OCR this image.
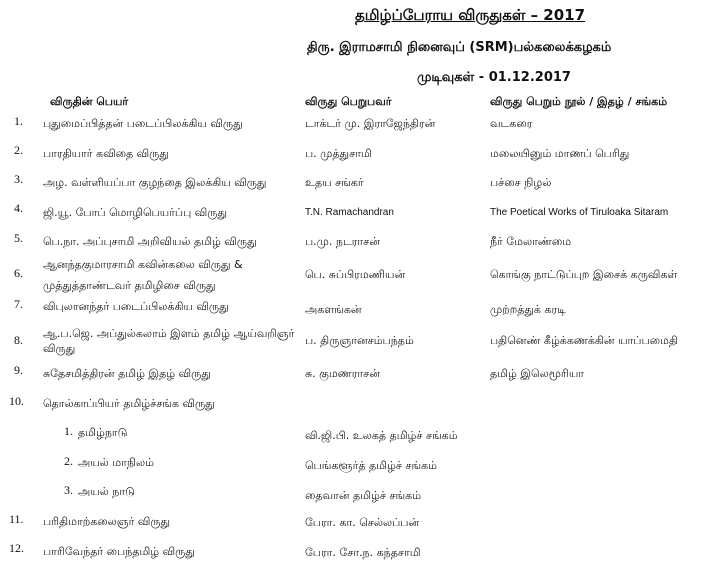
தமிழ்ப்பேராய விருதுகள் – 2017
திரு. இராமசாமி நினைவுப் (SRM)பல்கலைக்கழகம்
முடிவுகள் - 01.12.2017
விருதின் பெயர்	விருது பெறுபவர்	விருது பெறும் நூல் / இதழ் / சங்கம்
1. புதுமைப்பித்தன் படைப்பிலக்கிய விருது	டாக்டர் மு. இராஜேந்திரன்	வடகரை
2. பாரதியார் கவிதை விருது	ப. முத்துசாமி	மலையினும் மாணப் பெரிது
3. அழ. வள்ளியப்பா குழந்தை இலக்கிய விருது	உதய சங்கர்	பச்சை நிழல்
4. ஜி.யூ. போப் மொழிபெயர்ப்பு விருது	T.N. Ramachandran	The Poetical Works of Tiruloaka Sitaram
5. பெ.நா. அப்புசாமி அறிவியல் தமிழ் விருது	ப.மு. நடராசன்	நீர் மேலாண்மை
6.
ஆனந்தகுமாரசாமி கவின்கலை விருது &
முத்துத்தாண்டவர் தமிழிசை விருது
பெ. சுப்பிரமணியன்	கொங்கு நாட்டுப்புற இசைக் கருவிகள்
7. விபுலானந்தர் படைப்பிலக்கிய விருது	அகளங்கன்	முற்றத்துக் கரடி
8. ஆ.ப.ஜெ. அப்துல்கலாம் இளம் தமிழ் ஆய்வறிஞர்
விருது
ப. திருஞானசம்பந்தம்	பதினெண் கீழ்க்கணக்கின் யாப்பமைதி
9. சுதேசமித்திரன் தமிழ் இதழ் விருது	சு. குமணராசன்	தமிழ் இலெமூரியா
10. தொல்காப்பியர் தமிழ்ச்சங்க விருது
1. தமிழ்நாடு	வி.ஜி.பி. உலகத் தமிழ்ச் சங்கம்
2. அயல் மாநிலம்	பெங்களூர்த் தமிழ்ச் சங்கம்
3. அயல் நாடு	தைவான் தமிழ்ச் சங்கம்
11. பரிதிமாற்கலைஞர் விருது	பேரா. கா. செல்லப்பன்
12. பாரிவேந்தர் பைந்தமிழ் விருது	பேரா. சோ.ந. கந்தசாமி
